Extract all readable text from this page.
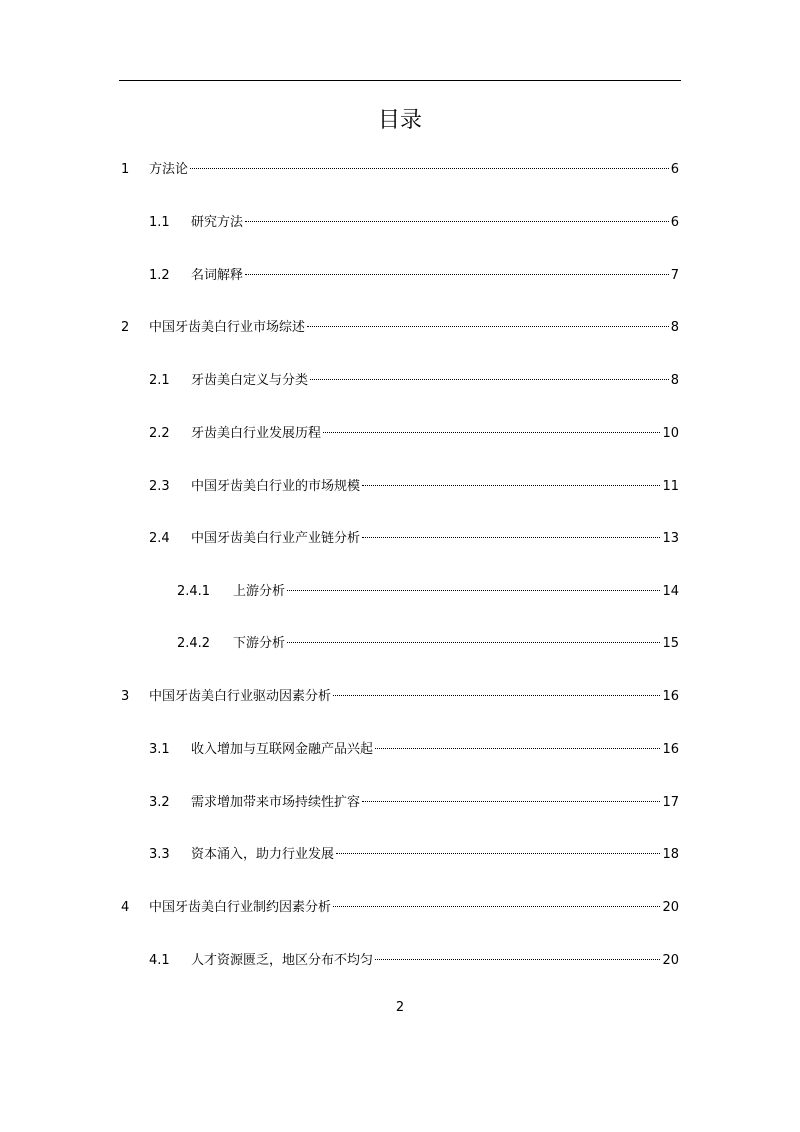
目录
1	方法论	6
1.1	研究方法	6
1.2	名词解释	7
2	中国牙齿美白行业市场综述	8
2.1	牙齿美白定义与分类	8
2.2	牙齿美白行业发展历程	10
2.3	中国牙齿美白行业的市场规模	11
2.4	中国牙齿美白行业产业链分析	13
2.4.1	上游分析	14
2.4.2	下游分析	15
3	中国牙齿美白行业驱动因素分析	16
3.1	收入增加与互联网金融产品兴起	16
3.2	需求增加带来市场持续性扩容	17
3.3	资本涌入，助力行业发展	18
4	中国牙齿美白行业制约因素分析	20
4.1	人才资源匮乏，地区分布不均匀	20
2
